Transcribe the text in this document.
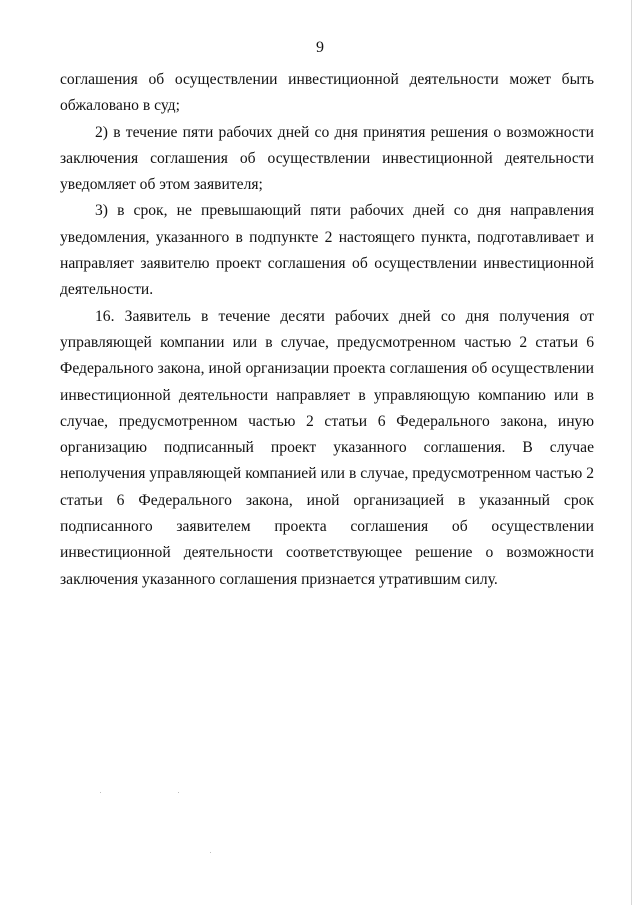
9

соглашения об осуществлении инвестиционной деятельности может быть обжаловано в суд;

2) в течение пяти рабочих дней со дня принятия решения о возможности заключения соглашения об осуществлении инвестиционной деятельности уведомляет об этом заявителя;

3) в срок, не превышающий пяти рабочих дней со дня направления уведомления, указанного в подпункте 2 настоящего пункта, подготавливает и направляет заявителю проект соглашения об осуществлении инвестиционной деятельности.

16. Заявитель в течение десяти рабочих дней со дня получения от управляющей компании или в случае, предусмотренном частью 2 статьи 6 Федерального закона, иной организации проекта соглашения об осуществлении инвестиционной деятельности направляет в управляющую компанию или в случае, предусмотренном частью 2 статьи 6 Федерального закона, иную организацию подписанный проект указанного соглашения. В случае неполучения управляющей компанией или в случае, предусмотренном частью 2 статьи 6 Федерального закона, иной организацией в указанный срок подписанного заявителем проекта соглашения об осуществлении инвестиционной деятельности соответствующее решение о возможности заключения указанного соглашения признается утратившим силу.
